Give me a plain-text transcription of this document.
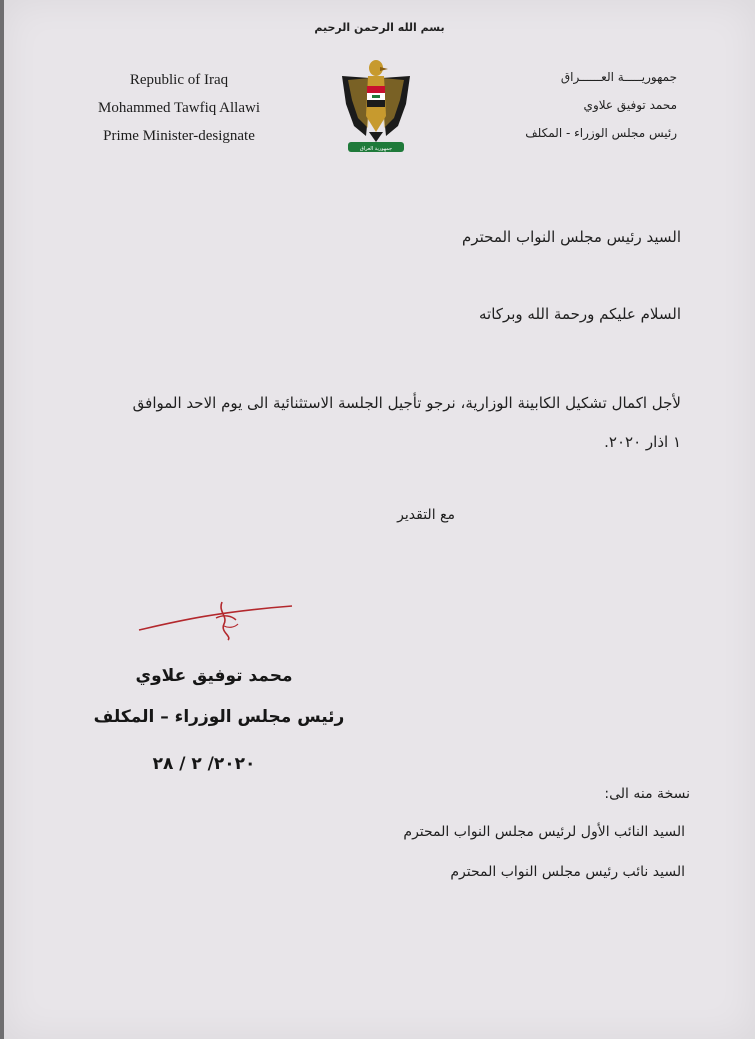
بسم الله الرحمن الرحيم
Republic of Iraq
Mohammed Tawfiq Allawi
Prime Minister-designate
جمهورية العراق
جمهوريـــــة العــــــراق
محمد توفيق علاوي
رئيس مجلس الوزراء - المكلف
السيد رئيس مجلس النواب المحترم
السلام عليكم ورحمة الله وبركاته
لأجل اكمال تشكيل الكابينة الوزارية، نرجو تأجيل الجلسة الاستثنائية الى يوم الاحد الموافق
١ اذار ٢٠٢٠.
مع التقدير
محمد توفيق علاوي
رئيس مجلس الوزراء – المكلف
٢٠٢٠/ ٢ / ٢٨
نسخة منه الى:
السيد النائب الأول لرئيس مجلس النواب المحترم
السيد نائب رئيس مجلس النواب المحترم
